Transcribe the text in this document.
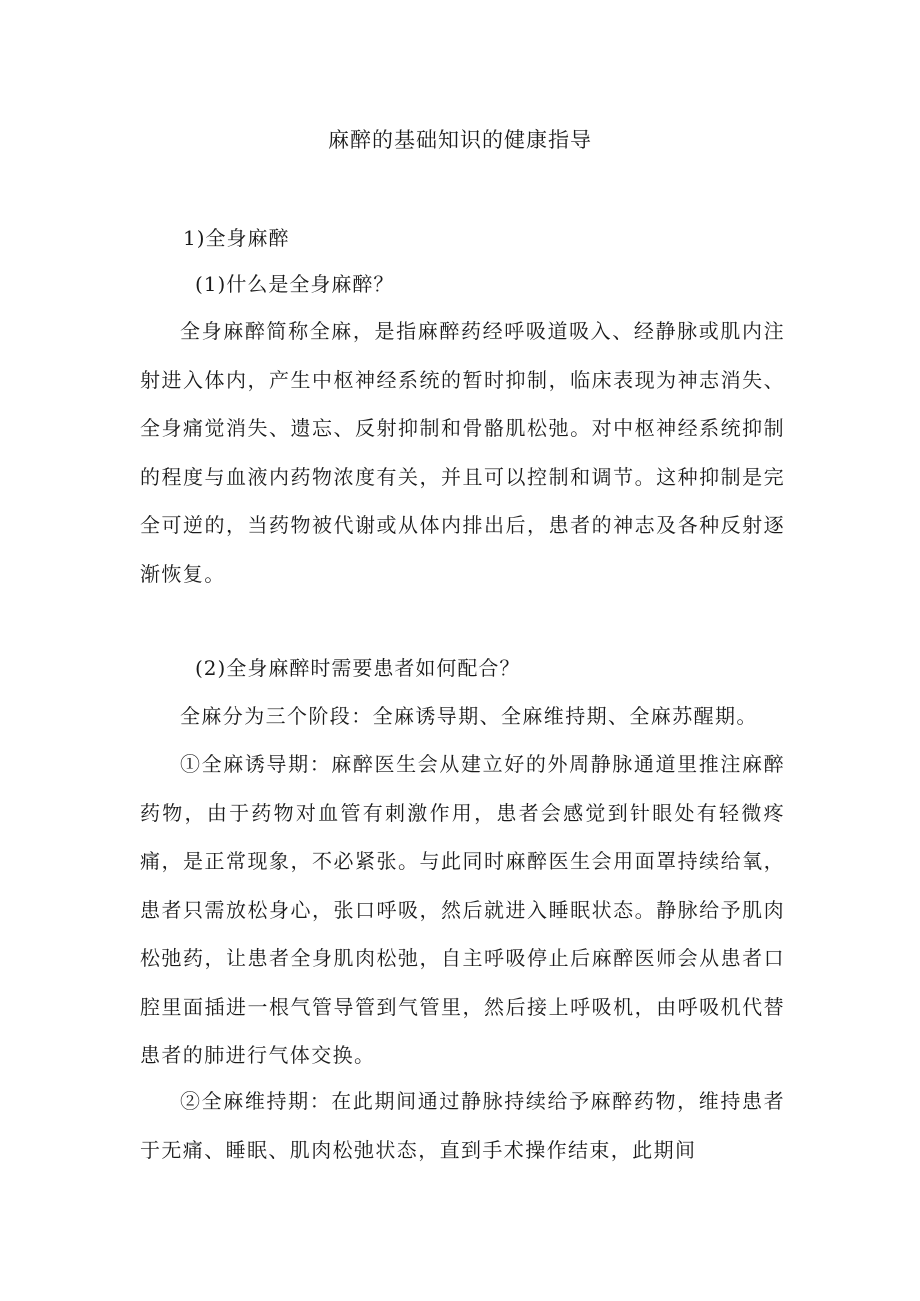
麻醉的基础知识的健康指导
1)全身麻醉
(1)什么是全身麻醉？

全身麻醉简称全麻，是指麻醉药经呼吸道吸入、经静脉或肌内注射进入体内，产生中枢神经系统的暂时抑制，临床表现为神志消失、全身痛觉消失、遗忘、反射抑制和骨骼肌松弛。对中枢神经系统抑制的程度与血液内药物浓度有关，并且可以控制和调节。这种抑制是完全可逆的，当药物被代谢或从体内排出后，患者的神志及各种反射逐渐恢复。

(2)全身麻醉时需要患者如何配合？

全麻分为三个阶段：全麻诱导期、全麻维持期、全麻苏醒期。

①全麻诱导期：麻醉医生会从建立好的外周静脉通道里推注麻醉药物，由于药物对血管有刺激作用，患者会感觉到针眼处有轻微疼痛，是正常现象，不必紧张。与此同时麻醉医生会用面罩持续给氧，患者只需放松身心，张口呼吸，然后就进入睡眠状态。静脉给予肌肉松弛药，让患者全身肌肉松弛，自主呼吸停止后麻醉医师会从患者口腔里面插进一根气管导管到气管里，然后接上呼吸机，由呼吸机代替患者的肺进行气体交换。

②全麻维持期：在此期间通过静脉持续给予麻醉药物，维持患者于无痛、睡眠、肌肉松弛状态，直到手术操作结束，此期间
